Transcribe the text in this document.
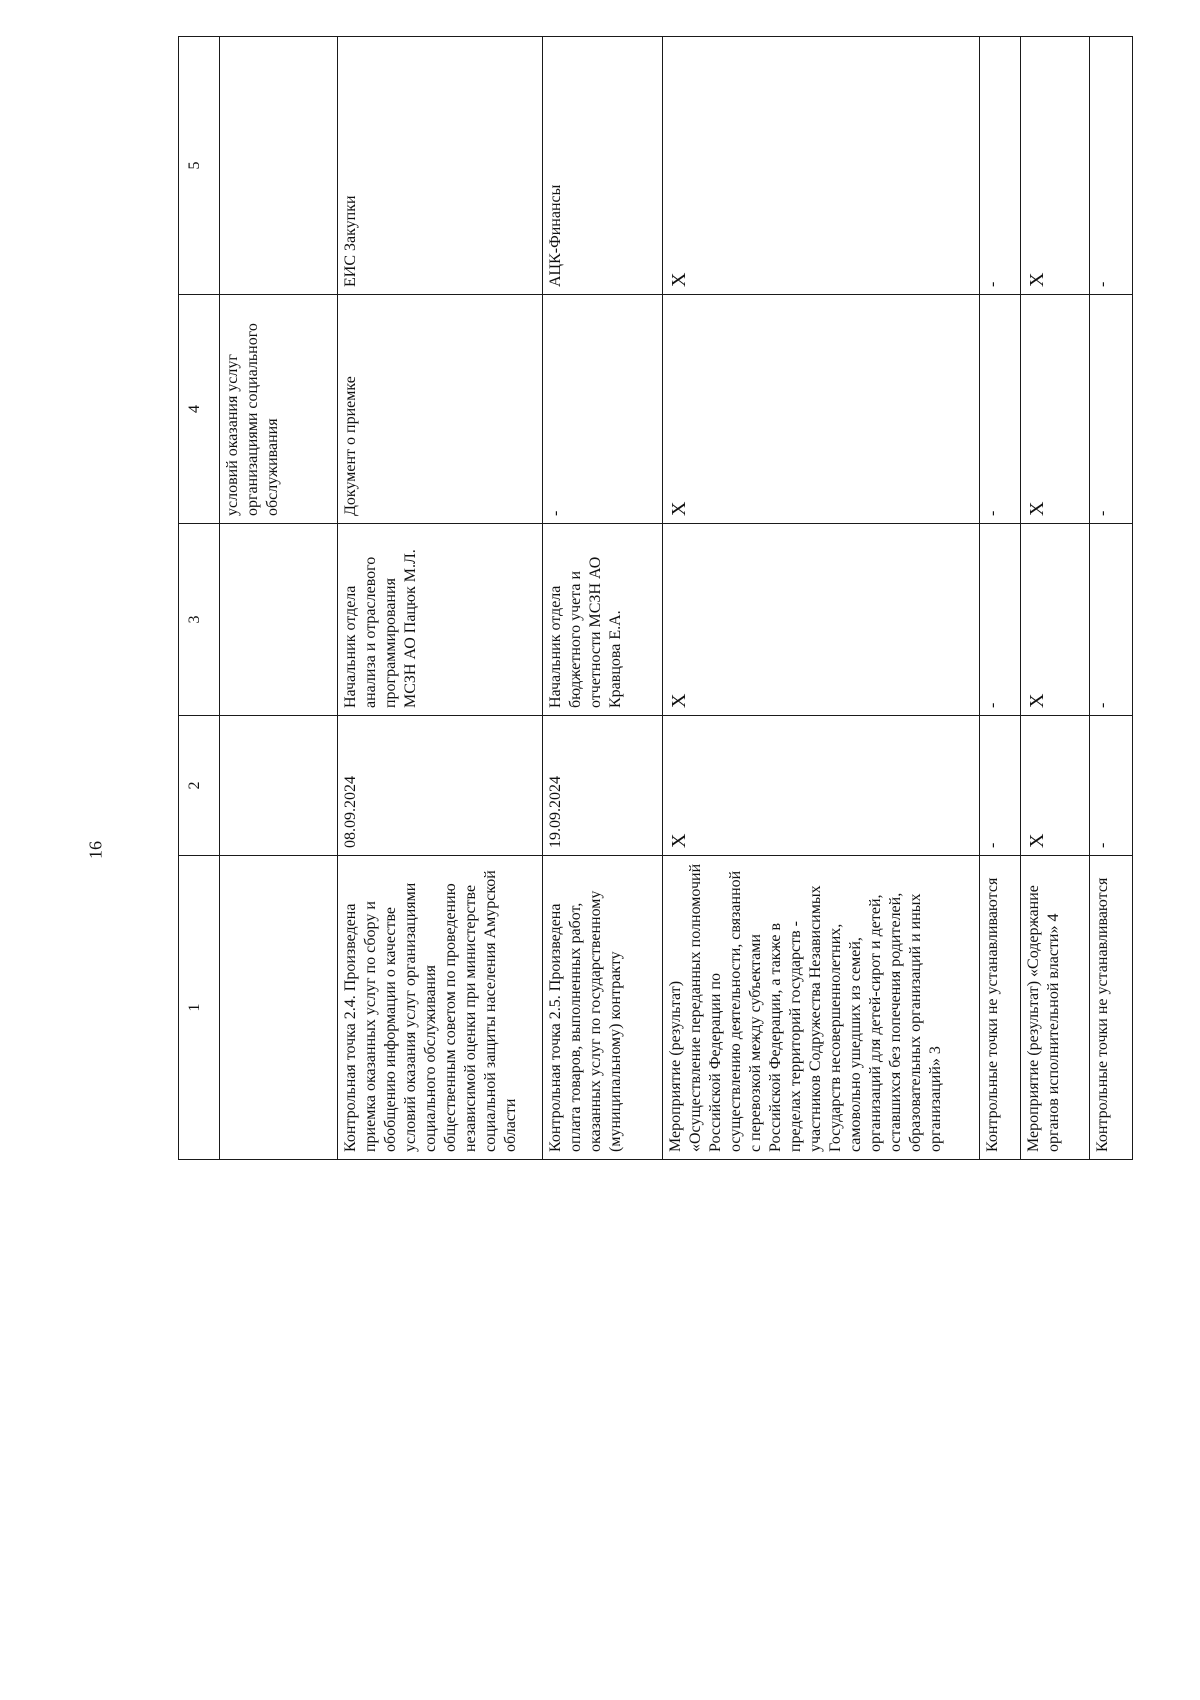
16
1	2	3	4	5
			условий оказания услуг организациями социального обслуживания	
Контрольная точка 2.4. Произведена приемка оказанных услуг по сбору и обобщению информации о качестве условий оказания услуг организациями социального обслуживания общественным советом по проведению независимой оценки при министерстве социальной защиты населения Амурской области	08.09.2024	Начальник отдела анализа и отраслевого программирования МСЗН АО Пацюк М.Л.	Документ о приемке	ЕИС Закупки
Контрольная точка 2.5. Произведена оплата товаров, выполненных работ, оказанных услуг по государственному (муниципальному) контракту	19.09.2024	Начальник отдела бюджетного учета и отчетности МСЗН АО Кравцова Е.А.	-	АЦК-Финансы
Мероприятие (результат) «Осуществление переданных полномочий Российской Федерации по осуществлению деятельности, связанной с перевозкой между субъектами Российской Федерации, а также в пределах территорий государств - участников Содружества Независимых Государств несовершеннолетних, самовольно ушедших из семей, организаций для детей-сирот и детей, оставшихся без попечения родителей, образовательных организаций и иных организаций» 3	Х	Х	Х	Х
Контрольные точки не устанавливаются	-	-	-	-
Мероприятие (результат) «Содержание органов исполнительной власти» 4	Х	Х	Х	Х
Контрольные точки не устанавливаются	-	-	-	-
